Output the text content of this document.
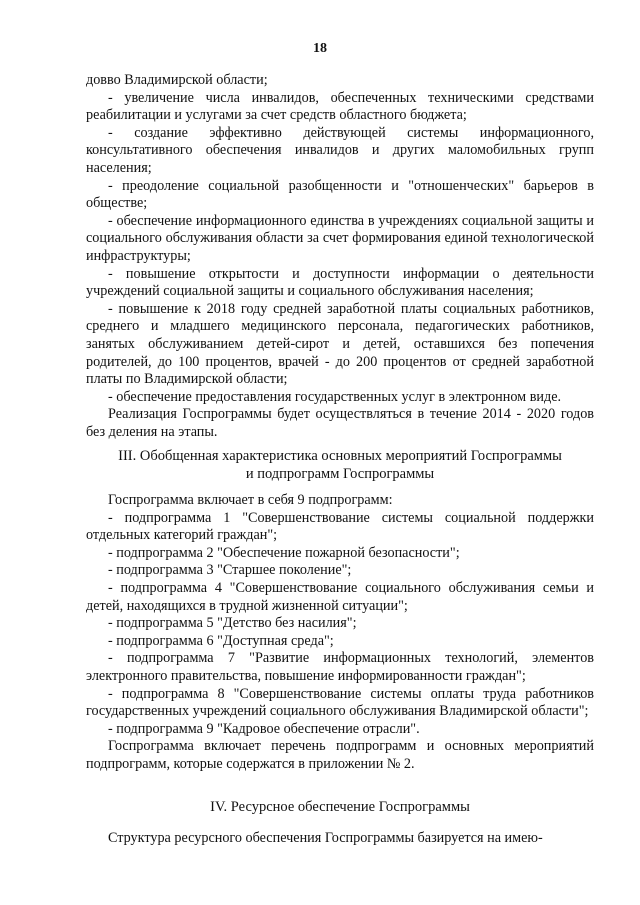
18

довво Владимирской области;

- увеличение числа инвалидов, обеспеченных техническими средствами реабилитации и услугами за счет средств областного бюджета;

- создание эффективно действующей системы информационного, консультативного обеспечения инвалидов и других маломобильных групп населения;

- преодоление социальной разобщенности и "отношенческих" барьеров в обществе;

- обеспечение информационного единства в учреждениях социальной защиты и социального обслуживания области за счет формирования единой технологической инфраструктуры;

- повышение открытости и доступности информации о деятельности учреждений социальной защиты и социального обслуживания населения;

- повышение к 2018 году средней заработной платы социальных работников, среднего и младшего медицинского персонала, педагогических работников, занятых обслуживанием детей-сирот и детей, оставшихся без попечения родителей, до 100 процентов, врачей - до 200 процентов от средней заработной платы по Владимирской области;

- обеспечение предоставления государственных услуг в электронном виде.

Реализация Госпрограммы будет осуществляться в течение 2014 - 2020 годов без деления на этапы.

III. Обобщенная характеристика основных мероприятий Госпрограммы
и подпрограмм Госпрограммы

Госпрограмма включает в себя 9 подпрограмм:

- подпрограмма 1 "Совершенствование системы социальной поддержки отдельных категорий граждан";

- подпрограмма 2 "Обеспечение пожарной безопасности";

- подпрограмма 3 "Старшее поколение";

- подпрограмма 4 "Совершенствование социального обслуживания семьи и детей, находящихся в трудной жизненной ситуации";

- подпрограмма 5 "Детство без насилия";

- подпрограмма 6 "Доступная среда";

- подпрограмма 7 "Развитие информационных технологий, элементов электронного правительства, повышение информированности граждан";

- подпрограмма 8 "Совершенствование системы оплаты труда работников государственных учреждений социального обслуживания Владимирской области";

- подпрограмма 9 "Кадровое обеспечение отрасли".

Госпрограмма включает перечень подпрограмм и основных мероприятий подпрограмм, которые содержатся в приложении № 2.

IV. Ресурсное обеспечение Госпрограммы

Структура ресурсного обеспечения Госпрограммы базируется на имею-
